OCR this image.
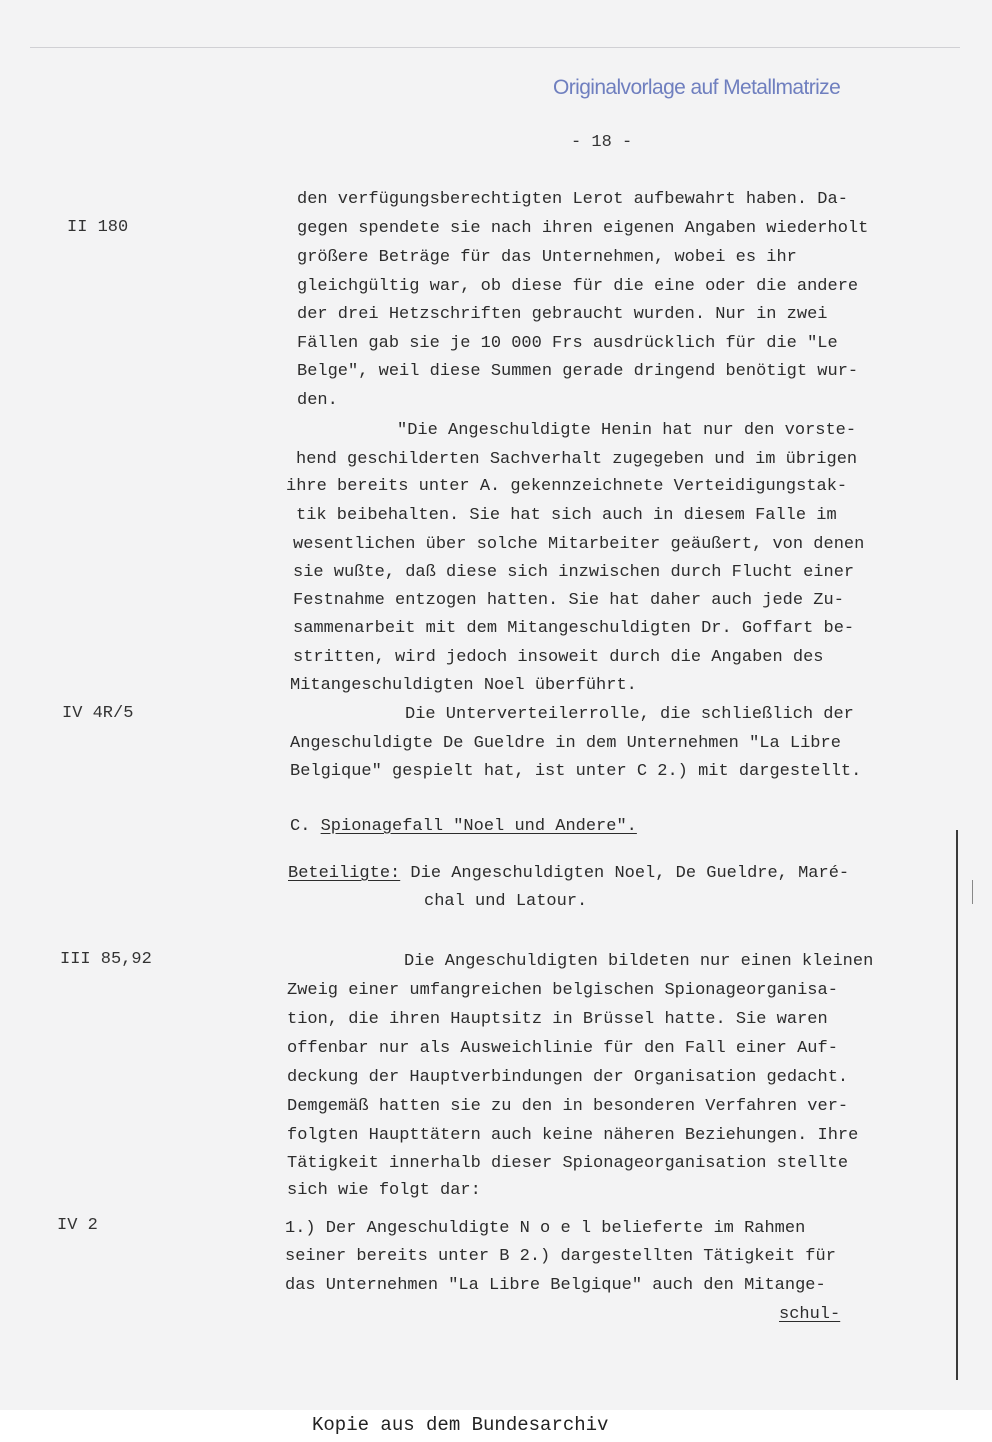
Originalvorlage auf Metallmatrize
- 18 -
II 180
IV 4R/5
III 85,92
IV 2
den verfügungsberechtigten Lerot aufbewahrt haben. Da-
gegen spendete sie nach ihren eigenen Angaben wiederholt
größere Beträge für das Unternehmen, wobei es ihr
gleichgültig war, ob diese für die eine oder die andere
der drei Hetzschriften gebraucht wurden. Nur in zwei
Fällen gab sie je 10 000 Frs ausdrücklich für die "Le
Belge", weil diese Summen gerade dringend benötigt wur-
den.
"Die Angeschuldigte Henin hat nur den vorste-
hend geschilderten Sachverhalt zugegeben und im übrigen
ihre bereits unter A. gekennzeichnete Verteidigungstak-
tik beibehalten. Sie hat sich auch in diesem Falle im
wesentlichen über solche Mitarbeiter geäußert, von denen
sie wußte, daß diese sich inzwischen durch Flucht einer
Festnahme entzogen hatten. Sie hat daher auch jede Zu-
sammenarbeit mit dem Mitangeschuldigten Dr. Goffart be-
stritten, wird jedoch insoweit durch die Angaben des
Mitangeschuldigten Noel überführt.
Die Unterverteilerrolle, die schließlich der
Angeschuldigte De Gueldre in dem Unternehmen "La Libre
Belgique" gespielt hat, ist unter C 2.) mit dargestellt.
C. Spionagefall "Noel und Andere".
Beteiligte: Die Angeschuldigten Noel, De Gueldre, Maré-
chal und Latour.
Die Angeschuldigten bildeten nur einen kleinen
Zweig einer umfangreichen belgischen Spionageorganisa-
tion, die ihren Hauptsitz in Brüssel hatte. Sie waren
offenbar nur als Ausweichlinie für den Fall einer Auf-
deckung der Hauptverbindungen der Organisation gedacht.
Demgemäß hatten sie zu den in besonderen Verfahren ver-
folgten Haupttätern auch keine näheren Beziehungen. Ihre
Tätigkeit innerhalb dieser Spionageorganisation stellte
sich wie folgt dar:
1.) Der Angeschuldigte N o e l belieferte im Rahmen
seiner bereits unter B 2.) dargestellten Tätigkeit für
das Unternehmen "La Libre Belgique" auch den Mitange-
schul-
Kopie aus dem Bundesarchiv
